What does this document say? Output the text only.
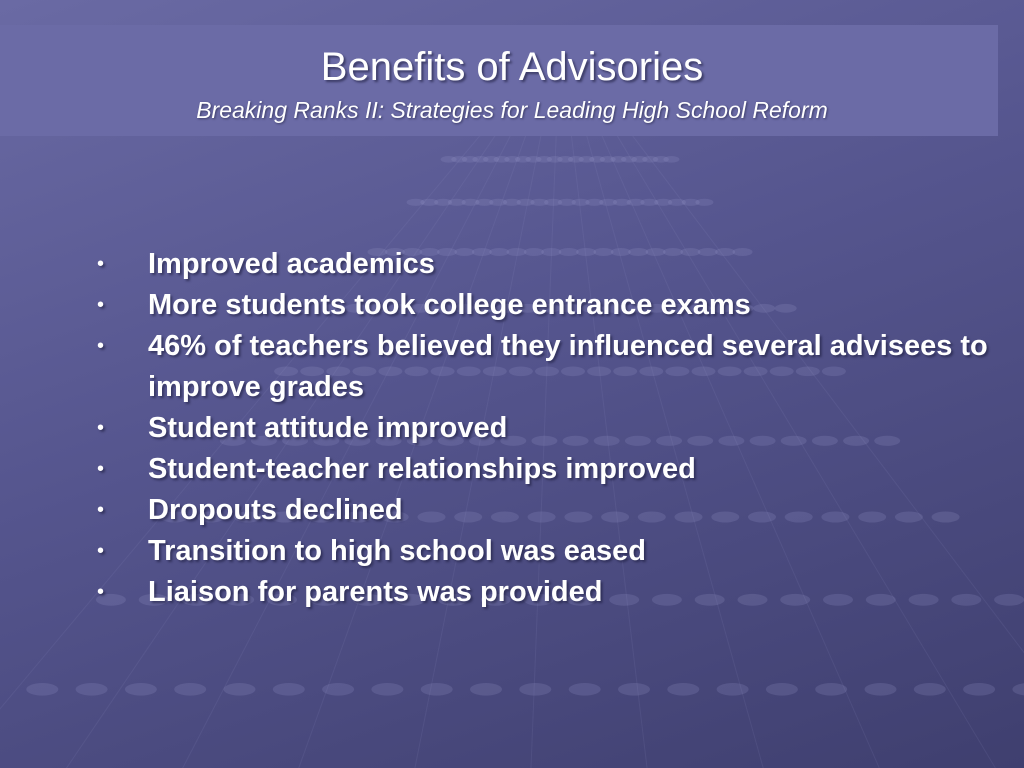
Benefits of Advisories
Breaking Ranks II: Strategies for Leading High School Reform
• Improved academics
• More students took college entrance exams
• 46% of teachers believed they influenced several advisees to improve grades
• Student attitude improved
• Student-teacher relationships improved
• Dropouts declined
• Transition to high school was eased
• Liaison for parents was provided
